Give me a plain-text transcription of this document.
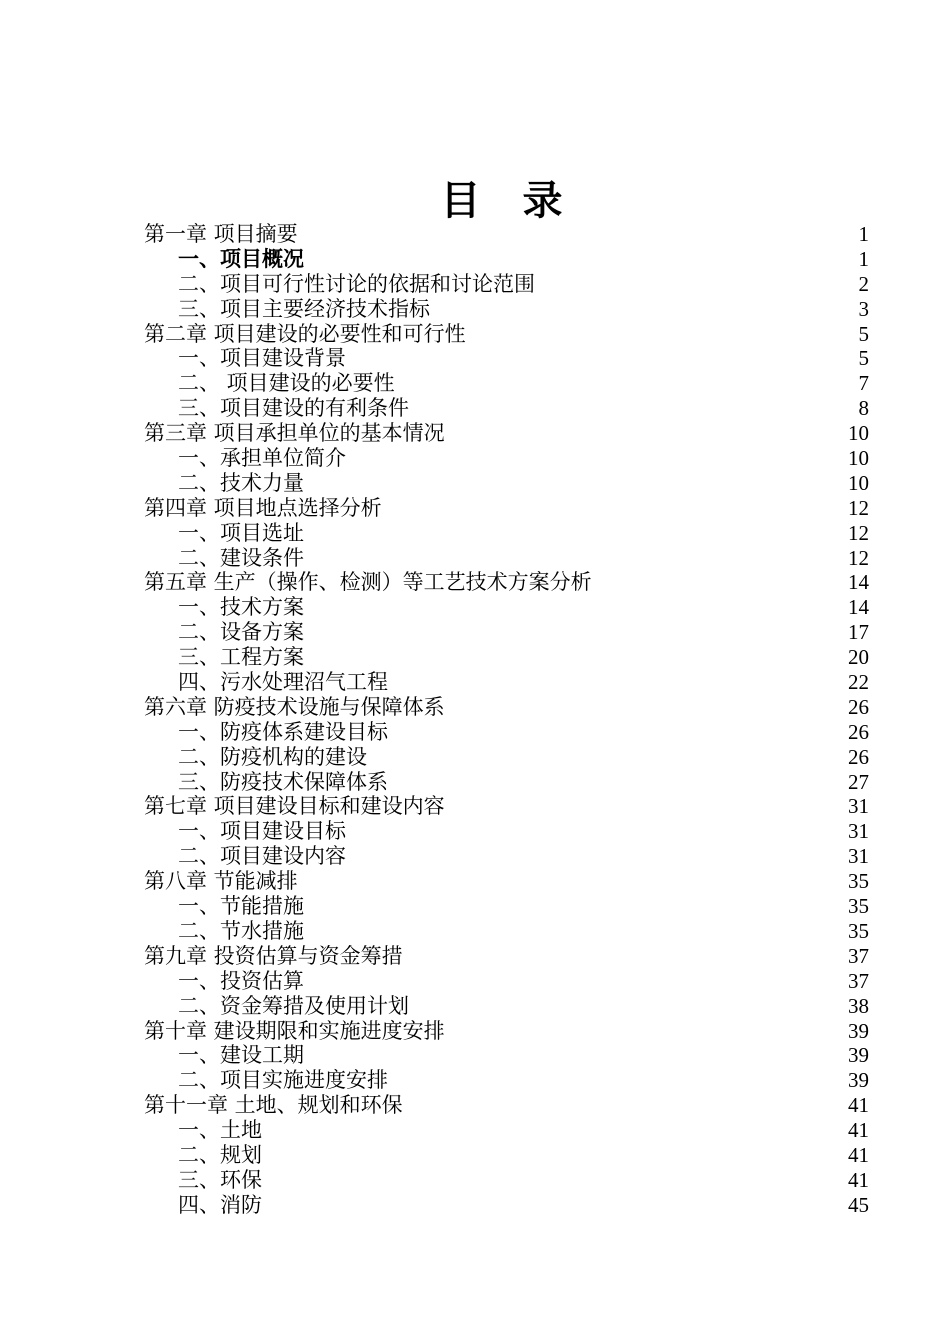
目 录
第一章 项目摘要	1
一、项目概况	1
二、项目可行性讨论的依据和讨论范围	2
三、项目主要经济技术指标	3
第二章 项目建设的必要性和可行性	5
一、项目建设背景	5
二、 项目建设的必要性	7
三、项目建设的有利条件	8
第三章 项目承担单位的基本情况	10
一、承担单位简介	10
二、技术力量	10
第四章 项目地点选择分析	12
一、项目选址	12
二、建设条件	12
第五章 生产（操作、检测）等工艺技术方案分析	14
一、技术方案	14
二、设备方案	17
三、工程方案	20
四、污水处理沼气工程	22
第六章 防疫技术设施与保障体系	26
一、防疫体系建设目标	26
二、防疫机构的建设	26
三、防疫技术保障体系	27
第七章 项目建设目标和建设内容	31
一、项目建设目标	31
二、项目建设内容	31
第八章 节能减排	35
一、节能措施	35
二、节水措施	35
第九章 投资估算与资金筹措	37
一、投资估算	37
二、资金筹措及使用计划	38
第十章 建设期限和实施进度安排	39
一、建设工期	39
二、项目实施进度安排	39
第十一章 土地、规划和环保	41
一、土地	41
二、规划	41
三、环保	41
四、消防	45
